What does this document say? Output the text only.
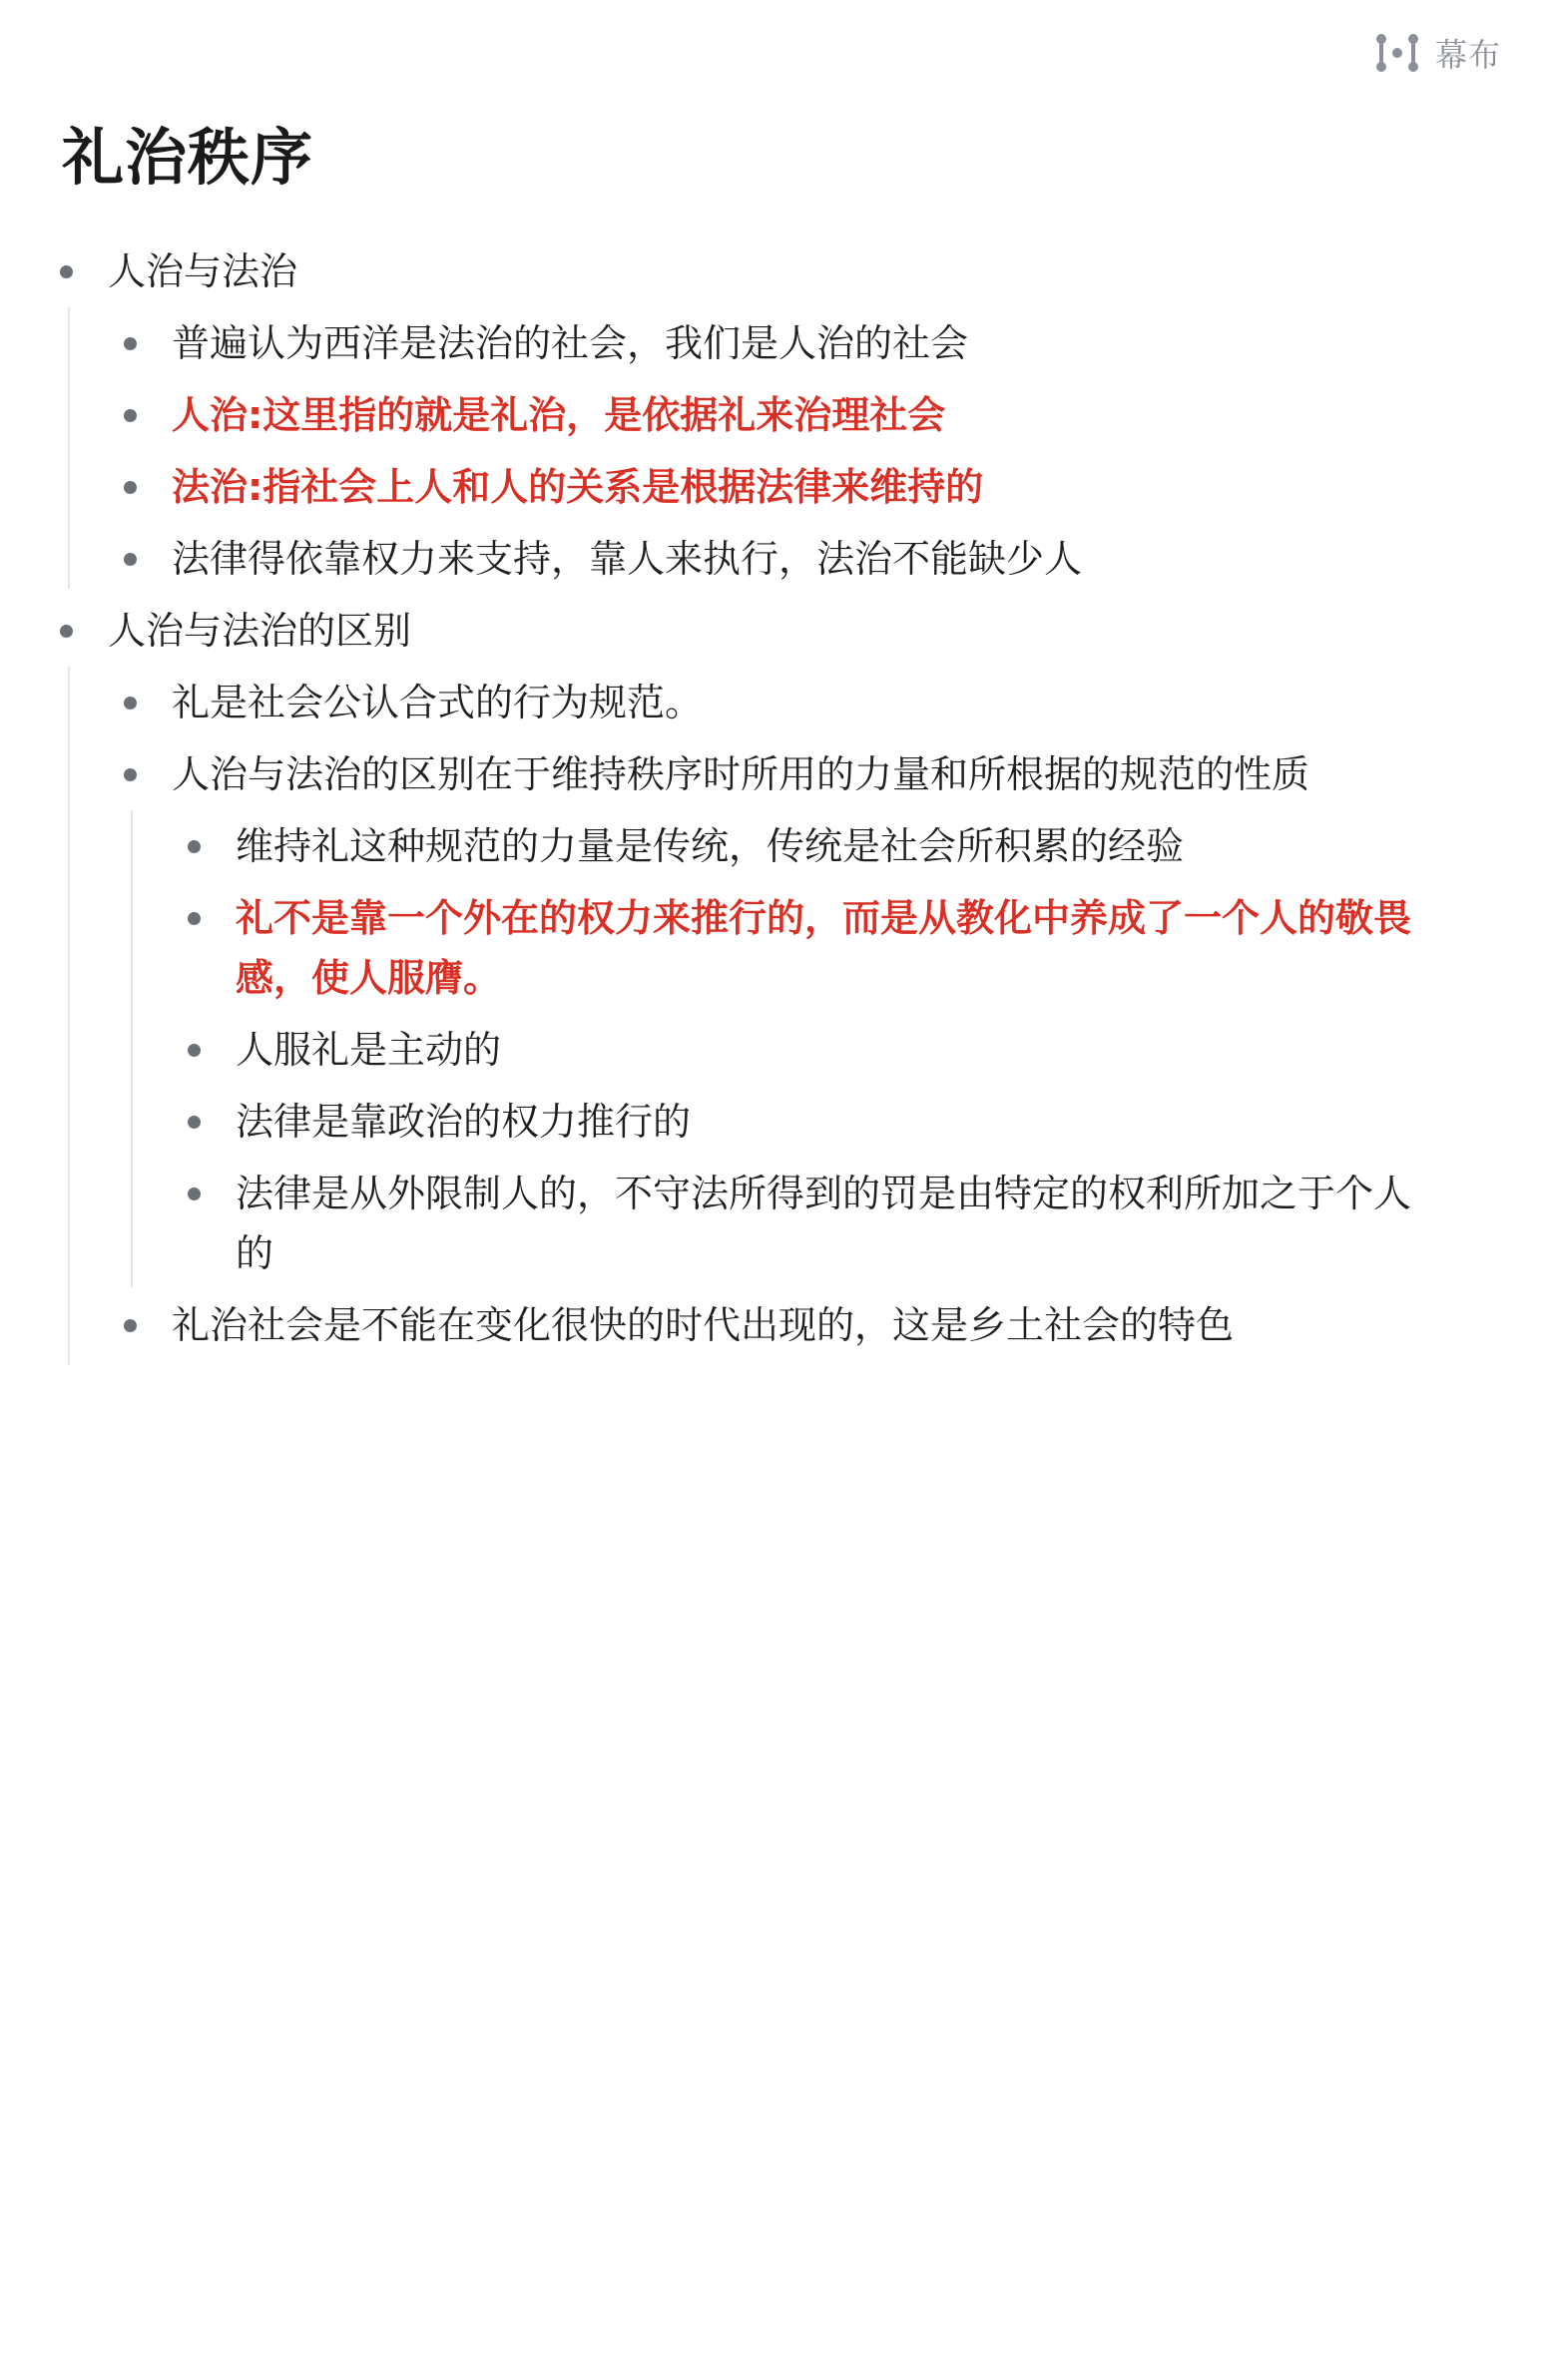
幕布
礼治秩序
人治与法治
普遍认为西洋是法治的社会，我们是人治的社会
人治:这里指的就是礼治，是依据礼来治理社会
法治:指社会上人和人的关系是根据法律来维持的
法律得依靠权力来支持，靠人来执行，法治不能缺少人
人治与法治的区别
礼是社会公认合式的行为规范。
人治与法治的区别在于维持秩序时所用的力量和所根据的规范的性质
维持礼这种规范的力量是传统，传统是社会所积累的经验
礼不是靠一个外在的权力来推行的，而是从教化中养成了一个人的敬畏
感，使人服膺。
人服礼是主动的
法律是靠政治的权力推行的
法律是从外限制人的，不守法所得到的罚是由特定的权利所加之于个人
的
礼治社会是不能在变化很快的时代出现的，这是乡土社会的特色
